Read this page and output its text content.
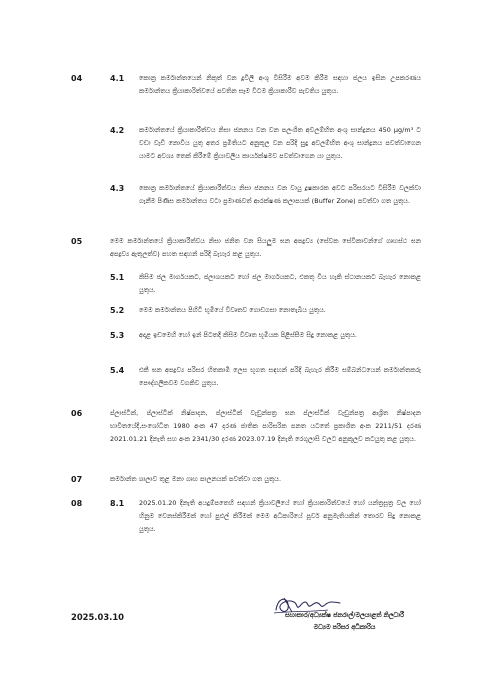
04	4.1 කොන්‍ර කර්මාන්තයෙන් නිකුත් වන දූවිලි අංශු විසිරීම අවම කිරීම සඳහා ජලය ඉසින උපකරණය කර්මාන්තය ක්‍රියාකාරිත්වයේ පවතින සෑම විටම ක්‍රියාකාරීව පැවතිය යුතුය.
4.2 කර්මාන්තයේ ක්‍රියාකාරීත්වය නිසා ජනනය වන වන පලංශිත අවලම්භිත අංශු සාන්ද්‍රනය 450 μg/m³ ට වඩා වැඩි නොවිය යුතු අතර ප්‍රමිතියට අනුකූල වන පරිදි සුදු අවලම්භිත අංශු සාන්ද්‍රනය පවත්වාගෙන යාමට අවශ්‍ය තෙක් කිරීමේ ක්‍රියාවලිය කාර්යක්ෂමව පවත්වාගෙන යා යුතුය.
4.3 කොන්‍ර කර්මාන්තයේ ක්‍රියාකාරීත්වය නිසා ජනනය වන වායු දූෂකාරක අවට පරිසරයට විසිරීම වලක්වා ගැනීම පිණිස කර්මාන්තය වටා ප්‍රමාණවත් ආරක්ෂණ කලාපයක් (Buffer Zone) පවත්වා ගත යුතුය.
05	මෙම කර්මාන්තයේ ක්‍රියාකාරීත්වය නිසා ජනිත වන සියලුම ඝන අපද්‍රව්‍ය (සේවක සේවිකාවන්ගේ ගෘහස්ථ ඝන අපද්‍රව්‍ය ඇතුලත්ව) පහත සඳහන් පරිදි බැහැර කළ යුතුය.
5.1 කිසිම ජල මාර්ගයකට, ජලාශයකට හෝ ජල මාර්ගයකට, එකතු විය හැකි ස්ථානයකට බැහැර නොකළ යුතුය.
5.2 මෙම කර්මාන්තය පිහිටි භූමියේ විවෘතව ගොඩගසා නොතැබිය යුතුය.
5.3 අදාළ ඉඩමෙහි හෝ ඉන් පිටතදී කිසිම විවෘත භූමියක පිළිස්සීම සිදු නොකළ යුතුය.
5.4 එකී ඝන අපද්‍රව්‍ය පරිසර හිතකාමී ලෙස භූගත සඳහන් පරිදි බැහැර කිරීම සම්බන්ධයෙන් කර්මාන්තකරු පෞද්ගලිකවම වගකිව යුතුය.
06	ප්ලාස්ටික්, ප්ලාස්ටික් නිෂ්පාදන, ප්ලාස්ටික් වැඩුන්පත්‍ර ඝන ප්ලාස්ටික් වැඩුන්පත්‍ර ආශ්‍රිත නිෂ්පාදන භාවිතයේදී,සංශෝධිත 1980 අංක 47 දරණ ජාතික පාරිසරික පනත යටතේ ප්‍රකාශිත අංක 2211/51 දරණ 2021.01.21 දිනැති සහ අංක 2341/30 දරණ 2023.07.19 දිනැති රෙගුලාසි වලට අනුකූලව කටයුතු කළ යුතුය.
07	කර්මාන්ත ශාලාව තුළ මනා ගෘහ පාලනයක් පවත්වා ගත යුතුය.
08	8.1 2025.01.20 දිනැති අයදුම්පතෙහි සඳහන් ක්‍රියාවලියේ හෝ ක්‍රියාකාරිත්වයේ හෝ යන්ත්‍රසූත්‍ර වල හෝ හිනුම වෙනස්කිරීමක් හෝ පුළුල් කිරීමක් මෙම අධිකාරියේ පූර්ව අනුමැතියකින් තොරව සිදු නොකළ යුතුය.
2025.03.10	සහාකාර/අධ්‍යක්ෂ ජනරාල්/මලයාළත් නිලධාරී
මධ්‍යම පරිසර අධිකාරිය
